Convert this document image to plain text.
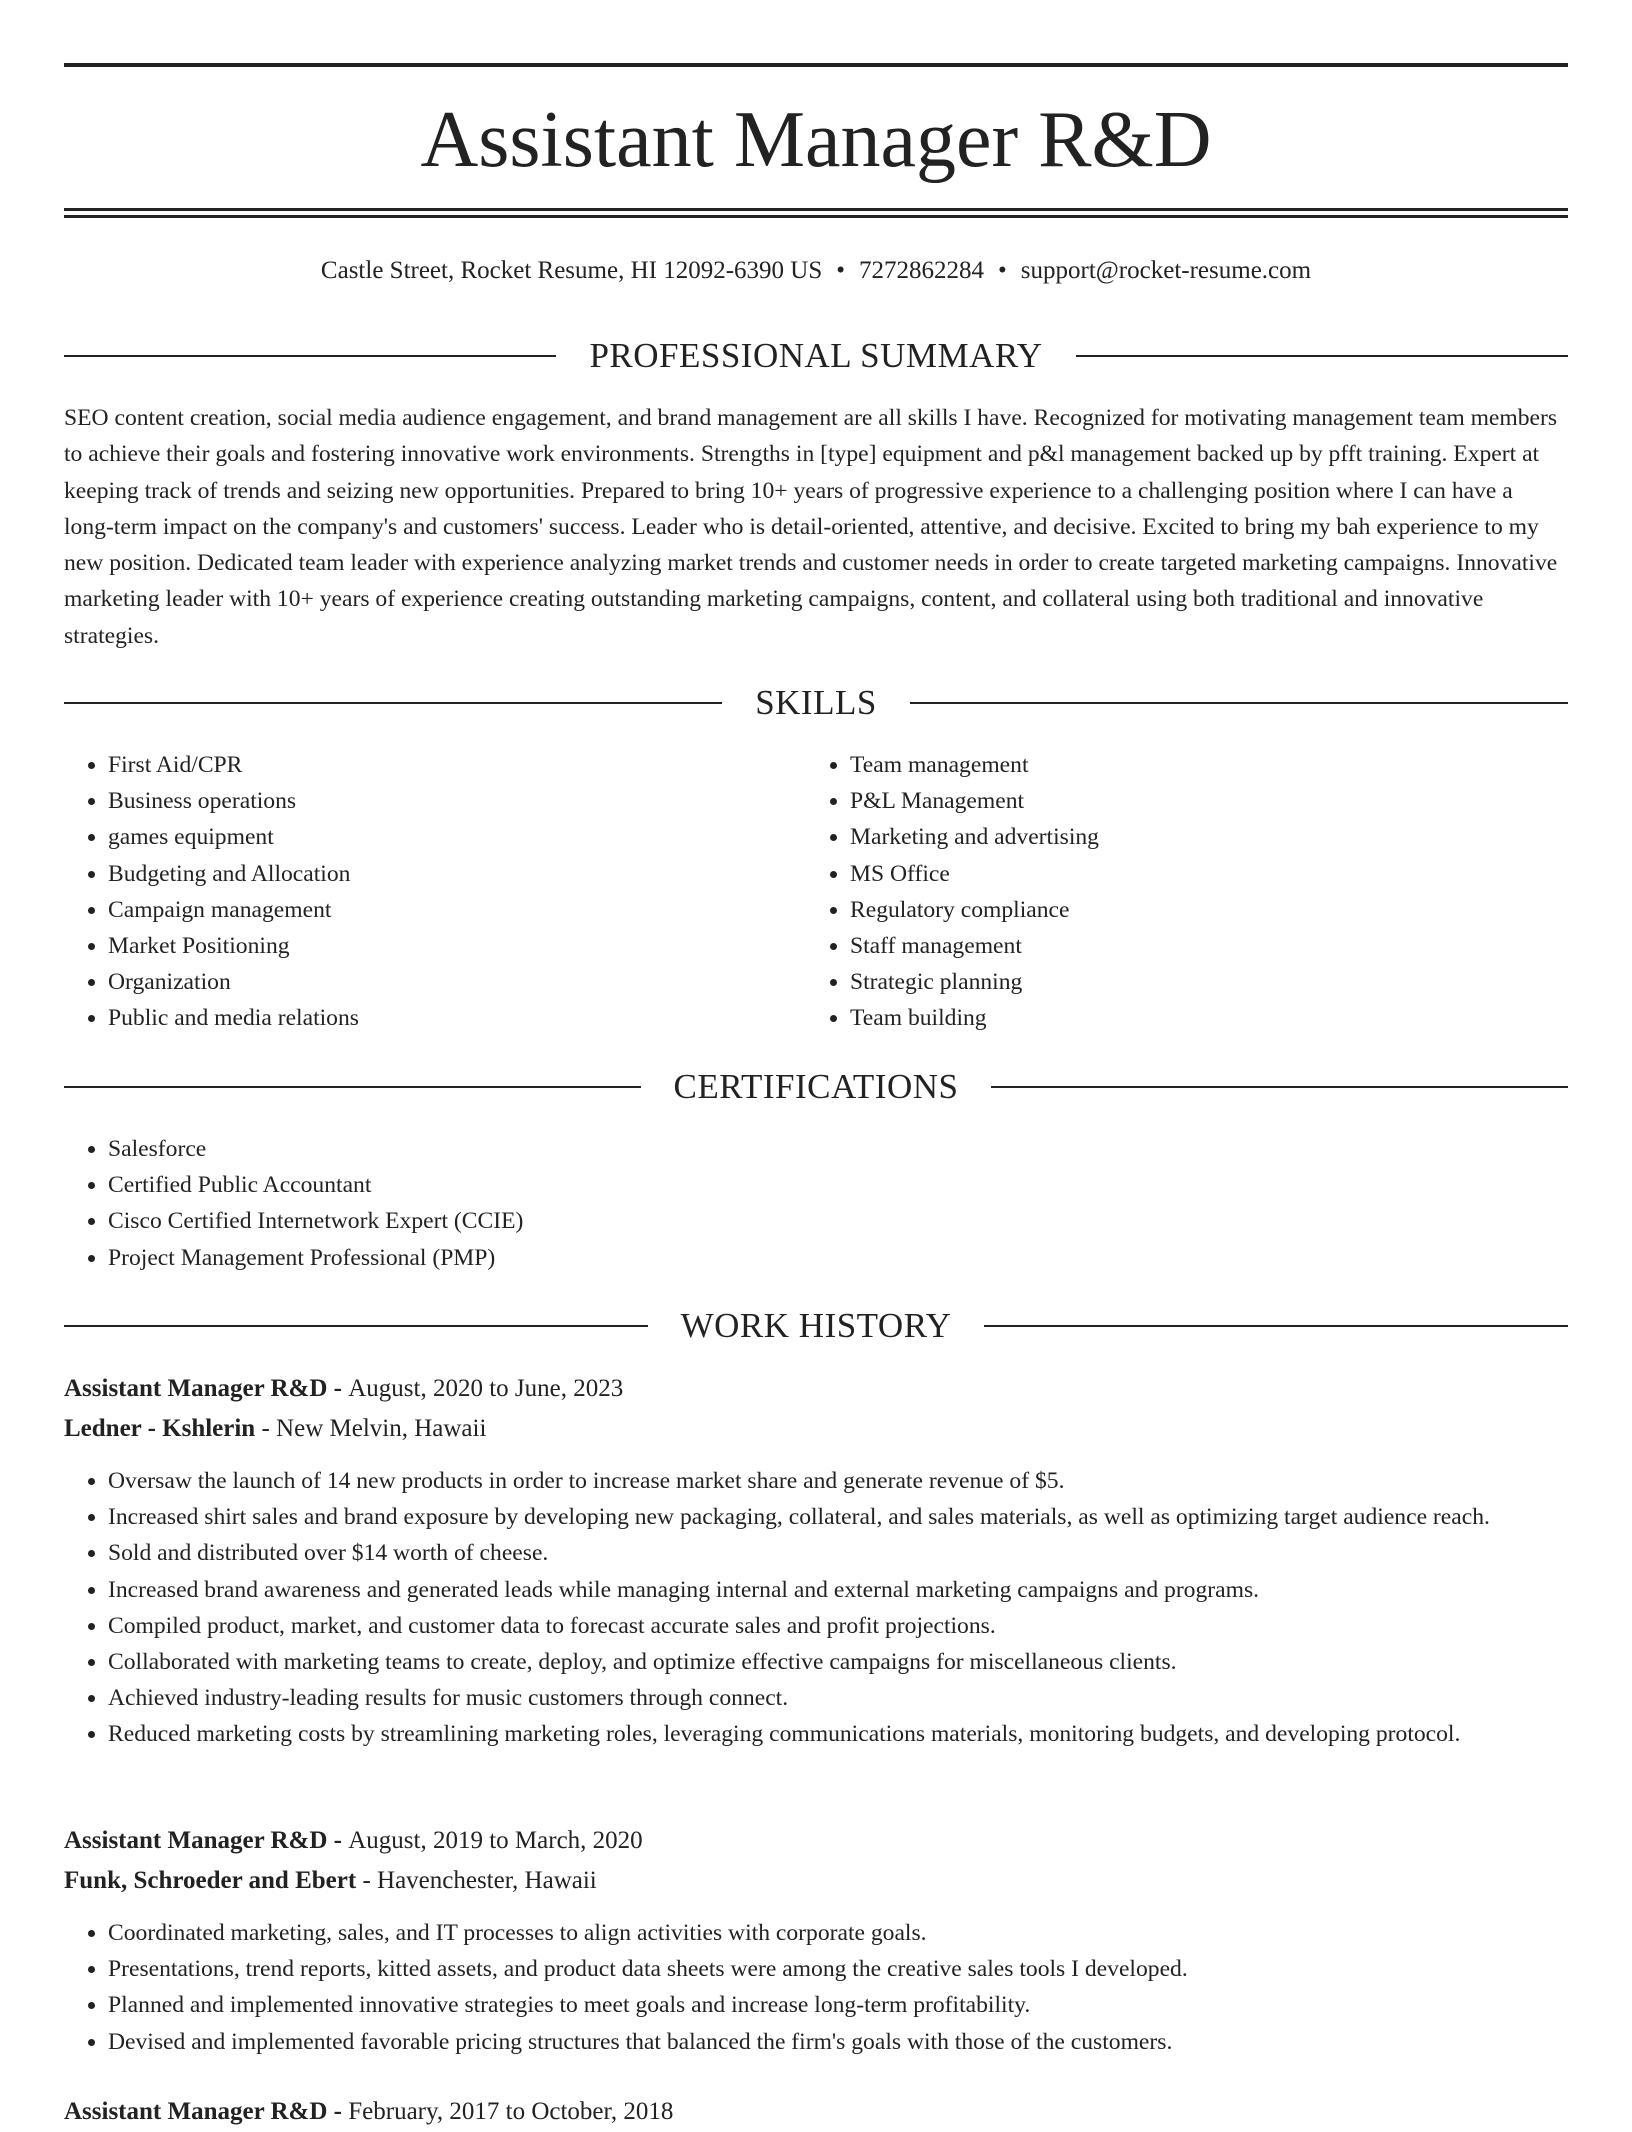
Assistant Manager R&D
Castle Street, Rocket Resume, HI 12092-6390 US • 7272862284 • support@rocket-resume.com
PROFESSIONAL SUMMARY

SEO content creation, social media audience engagement, and brand management are all skills I have. Recognized for motivating management team members to achieve their goals and fostering innovative work environments. Strengths in [type] equipment and p&l management backed up by pfft training. Expert at keeping track of trends and seizing new opportunities. Prepared to bring 10+ years of progressive experience to a challenging position where I can have a long-term impact on the company's and customers' success. Leader who is detail-oriented, attentive, and decisive. Excited to bring my bah experience to my new position. Dedicated team leader with experience analyzing market trends and customer needs in order to create targeted marketing campaigns. Innovative marketing leader with 10+ years of experience creating outstanding marketing campaigns, content, and collateral using both traditional and innovative strategies.

SKILLS
• First Aid/CPR
• Business operations
• games equipment
• Budgeting and Allocation
• Campaign management
• Market Positioning
• Organization
• Public and media relations
• Team management
• P&L Management
• Marketing and advertising
• MS Office
• Regulatory compliance
• Staff management
• Strategic planning
• Team building
CERTIFICATIONS
• Salesforce
• Certified Public Accountant
• Cisco Certified Internetwork Expert (CCIE)
• Project Management Professional (PMP)
WORK HISTORY
Assistant Manager R&D - August, 2020 to June, 2023
Ledner - Kshlerin - New Melvin, Hawaii
• Oversaw the launch of 14 new products in order to increase market share and generate revenue of $5.
• Increased shirt sales and brand exposure by developing new packaging, collateral, and sales materials, as well as optimizing target audience reach.
• Sold and distributed over $14 worth of cheese.
• Increased brand awareness and generated leads while managing internal and external marketing campaigns and programs.
• Compiled product, market, and customer data to forecast accurate sales and profit projections.
• Collaborated with marketing teams to create, deploy, and optimize effective campaigns for miscellaneous clients.
• Achieved industry-leading results for music customers through connect.
• Reduced marketing costs by streamlining marketing roles, leveraging communications materials, monitoring budgets, and developing protocol.
Assistant Manager R&D - August, 2019 to March, 2020
Funk, Schroeder and Ebert - Havenchester, Hawaii
• Coordinated marketing, sales, and IT processes to align activities with corporate goals.
• Presentations, trend reports, kitted assets, and product data sheets were among the creative sales tools I developed.
• Planned and implemented innovative strategies to meet goals and increase long-term profitability.
• Devised and implemented favorable pricing structures that balanced the firm's goals with those of the customers.
Assistant Manager R&D - February, 2017 to October, 2018
